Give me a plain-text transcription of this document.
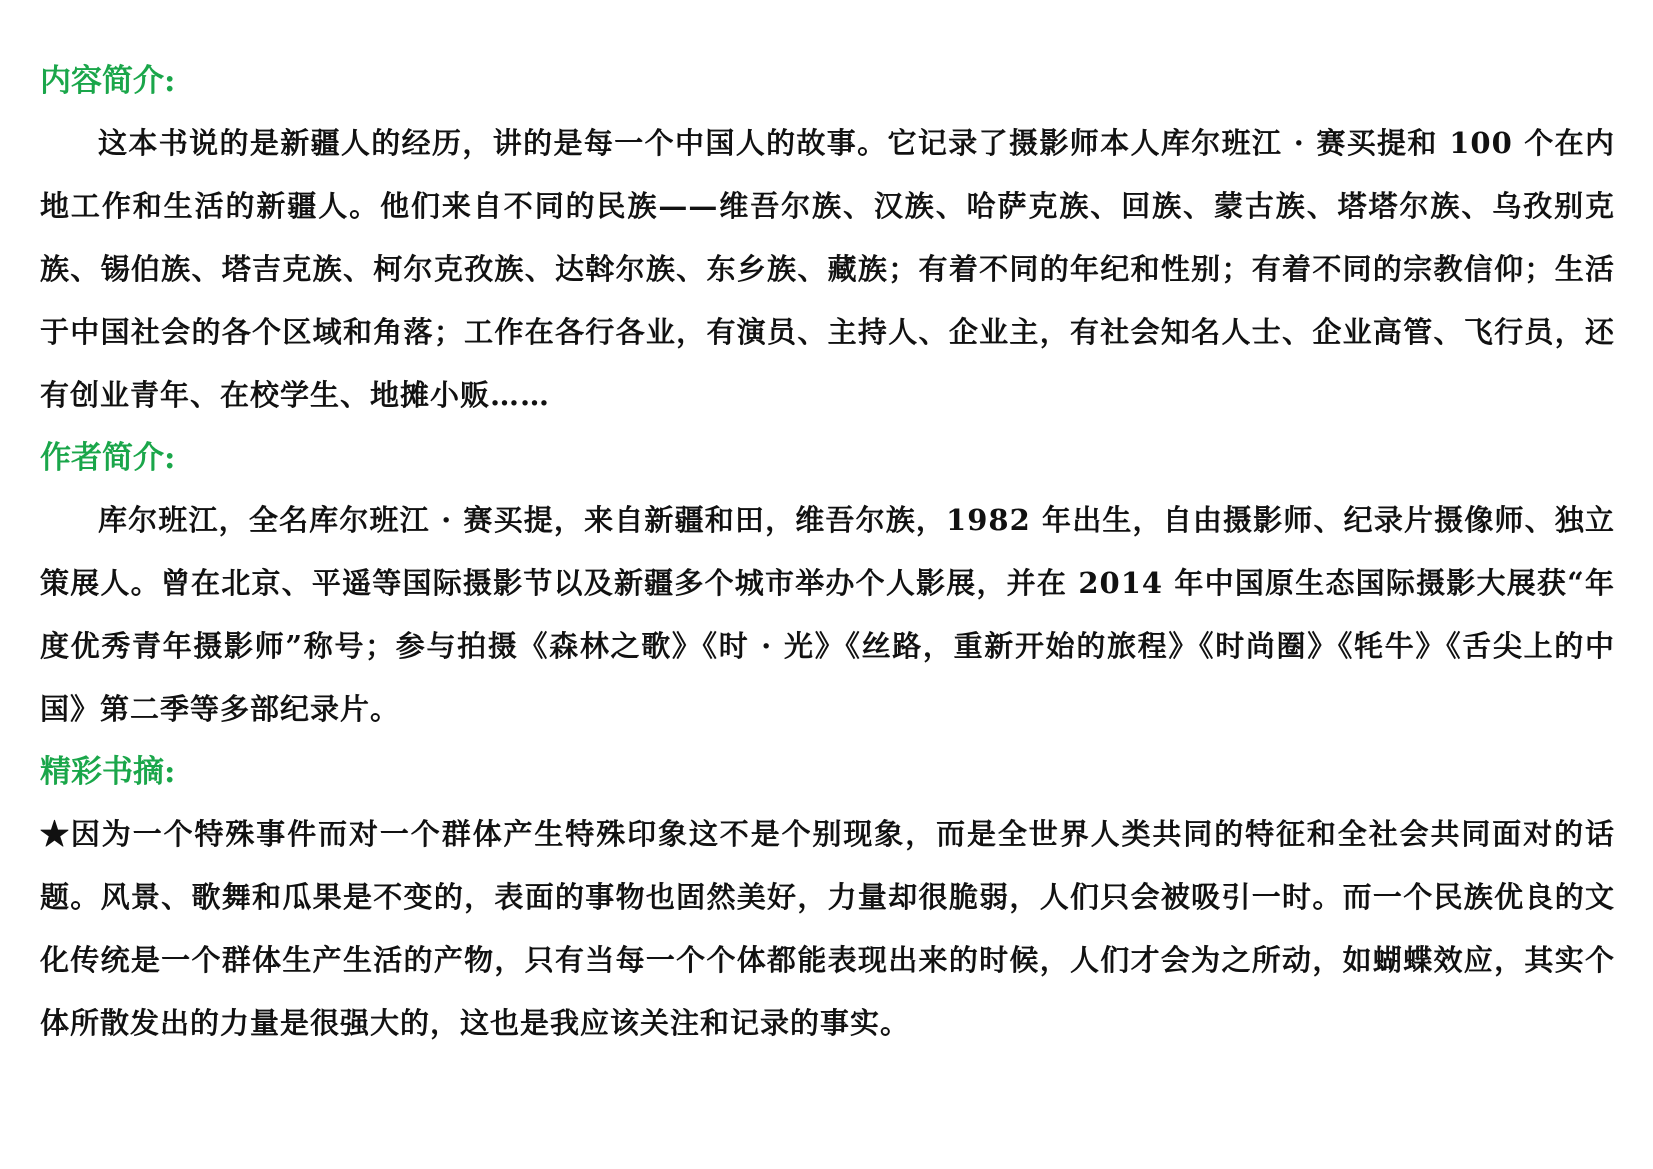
内容简介:

这本书说的是新疆人的经历，讲的是每一个中国人的故事。它记录了摄影师本人库尔班江 · 赛买提和 100 个在内地工作和生活的新疆人。他们来自不同的民族——维吾尔族、汉族、哈萨克族、回族、蒙古族、塔塔尔族、乌孜别克族、锡伯族、塔吉克族、柯尔克孜族、达斡尔族、东乡族、藏族；有着不同的年纪和性别；有着不同的宗教信仰；生活于中国社会的各个区域和角落；工作在各行各业，有演员、主持人、企业主，有社会知名人士、企业高管、飞行员，还有创业青年、在校学生、地摊小贩……

作者简介:

库尔班江，全名库尔班江 · 赛买提，来自新疆和田，维吾尔族，1982 年出生，自由摄影师、纪录片摄像师、独立策展人。曾在北京、平遥等国际摄影节以及新疆多个城市举办个人影展，并在 2014 年中国原生态国际摄影大展获“年度优秀青年摄影师”称号；参与拍摄《森林之歌》《时 · 光》《丝路，重新开始的旅程》《时尚圈》《牦牛》《舌尖上的中国》第二季等多部纪录片。

精彩书摘:

★因为一个特殊事件而对一个群体产生特殊印象这不是个别现象，而是全世界人类共同的特征和全社会共同面对的话题。风景、歌舞和瓜果是不变的，表面的事物也固然美好，力量却很脆弱，人们只会被吸引一时。而一个民族优良的文化传统是一个群体生产生活的产物，只有当每一个个体都能表现出来的时候，人们才会为之所动，如蝴蝶效应，其实个体所散发出的力量是很强大的，这也是我应该关注和记录的事实。
